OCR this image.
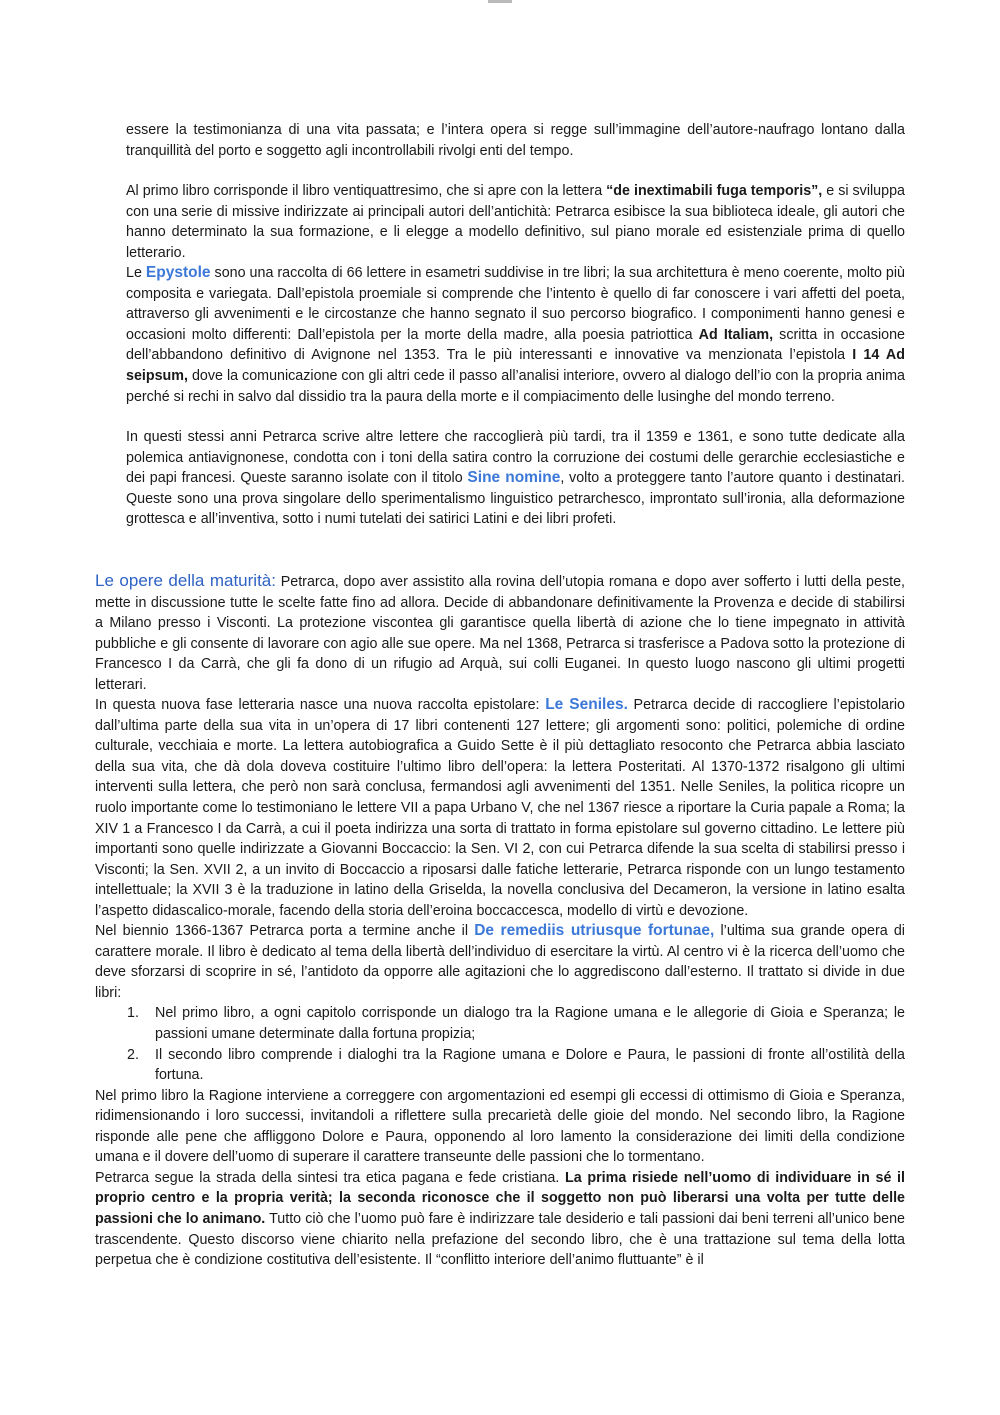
essere la testimonianza di una vita passata; e l’intera opera si regge sull’immagine dell’autore-naufrago lontano dalla tranquillità del porto e soggetto agli incontrollabili rivolgi enti del tempo.

Al primo libro corrisponde il libro ventiquattresimo, che si apre con la lettera “de inextimabili fuga temporis”, e si sviluppa con una serie di missive indirizzate ai principali autori dell’antichità: Petrarca esibisce la sua biblioteca ideale, gli autori che hanno determinato la sua formazione, e li elegge a modello definitivo, sul piano morale ed esistenziale prima di quello letterario.

Le Epystole sono una raccolta di 66 lettere in esametri suddivise in tre libri; la sua architettura è meno coerente, molto più composita e variegata. Dall’epistola proemiale si comprende che l’intento è quello di far conoscere i vari affetti del poeta, attraverso gli avvenimenti e le circostanze che hanno segnato il suo percorso biografico. I componimenti hanno genesi e occasioni molto differenti: Dall’epistola per la morte della madre, alla poesia patriottica Ad Italiam, scritta in occasione dell’abbandono definitivo di Avignone nel 1353. Tra le più interessanti e innovative va menzionata l’epistola I 14 Ad seipsum, dove la comunicazione con gli altri cede il passo all’analisi interiore, ovvero al dialogo dell’io con la propria anima perché si rechi in salvo dal dissidio tra la paura della morte e il compiacimento delle lusinghe del mondo terreno.

In questi stessi anni Petrarca scrive altre lettere che raccoglierà più tardi, tra il 1359 e 1361, e sono tutte dedicate alla polemica antiavignonese, condotta con i toni della satira contro la corruzione dei costumi delle gerarchie ecclesiastiche e dei papi francesi. Queste saranno isolate con il titolo Sine nomine, volto a proteggere tanto l’autore quanto i destinatari. Queste sono una prova singolare dello sperimentalismo linguistico petrarchesco, improntato sull’ironia, alla deformazione grottesca e all’inventiva, sotto i numi tutelati dei satirici Latini e dei libri profeti.

Le opere della maturità: Petrarca, dopo aver assistito alla rovina dell’utopia romana e dopo aver sofferto i lutti della peste, mette in discussione tutte le scelte fatte fino ad allora. Decide di abbandonare definitivamente la Provenza e decide di stabilirsi a Milano presso i Visconti. La protezione viscontea gli garantisce quella libertà di azione che lo tiene impegnato in attività pubbliche e gli consente di lavorare con agio alle sue opere. Ma nel 1368, Petrarca si trasferisce a Padova sotto la protezione di Francesco I da Carrà, che gli fa dono di un rifugio ad Arquà, sui colli Euganei. In questo luogo nascono gli ultimi progetti letterari.

In questa nuova fase letteraria nasce una nuova raccolta epistolare: Le Seniles. Petrarca decide di raccogliere l’epistolario dall’ultima parte della sua vita in un’opera di 17 libri contenenti 127 lettere; gli argomenti sono: politici, polemiche di ordine culturale, vecchiaia e morte. La lettera autobiografica a Guido Sette è il più dettagliato resoconto che Petrarca abbia lasciato della sua vita, che dà dola doveva costituire l’ultimo libro dell’opera: la lettera Posteritati. Al 1370-1372 risalgono gli ultimi interventi sulla lettera, che però non sarà conclusa, fermandosi agli avvenimenti del 1351. Nelle Seniles, la politica ricopre un ruolo importante come lo testimoniano le lettere VII a papa Urbano V, che nel 1367 riesce a riportare la Curia papale a Roma; la XIV 1 a Francesco I da Carrà, a cui il poeta indirizza una sorta di trattato in forma epistolare sul governo cittadino. Le lettere più importanti sono quelle indirizzate a Giovanni Boccaccio: la Sen. VI 2, con cui Petrarca difende la sua scelta di stabilirsi presso i Visconti; la Sen. XVII 2, a un invito di Boccaccio a riposarsi dalle fatiche letterarie, Petrarca risponde con un lungo testamento intellettuale; la XVII 3 è la traduzione in latino della Griselda, la novella conclusiva del Decameron, la versione in latino esalta l’aspetto didascalico-morale, facendo della storia dell’eroina boccaccesca, modello di virtù e devozione.

Nel biennio 1366-1367 Petrarca porta a termine anche il De remediis utriusque fortunae, l’ultima sua grande opera di carattere morale. Il libro è dedicato al tema della libertà dell’individuo di esercitare la virtù. Al centro vi è la ricerca dell’uomo che deve sforzarsi di scoprire in sé, l’antidoto da opporre alle agitazioni che lo aggrediscono dall’esterno. Il trattato si divide in due libri:

1. Nel primo libro, a ogni capitolo corrisponde un dialogo tra la Ragione umana e le allegorie di Gioia e Speranza; le passioni umane determinate dalla fortuna propizia;
2. Il secondo libro comprende i dialoghi tra la Ragione umana e Dolore e Paura, le passioni di fronte all’ostilità della fortuna.

Nel primo libro la Ragione interviene a correggere con argomentazioni ed esempi gli eccessi di ottimismo di Gioia e Speranza, ridimensionando i loro successi, invitandoli a riflettere sulla precarietà delle gioie del mondo. Nel secondo libro, la Ragione risponde alle pene che affliggono Dolore e Paura, opponendo al loro lamento la considerazione dei limiti della condizione umana e il dovere dell’uomo di superare il carattere transeunte delle passioni che lo tormentano.

Petrarca segue la strada della sintesi tra etica pagana e fede cristiana. La prima risiede nell’uomo di individuare in sé il proprio centro e la propria verità; la seconda riconosce che il soggetto non può liberarsi una volta per tutte delle passioni che lo animano. Tutto ciò che l’uomo può fare è indirizzare tale desiderio e tali passioni dai beni terreni all’unico bene trascendente. Questo discorso viene chiarito nella prefazione del secondo libro, che è una trattazione sul tema della lotta perpetua che è condizione costitutiva dell’esistente. Il “conflitto interiore dell’animo fluttuante” è il
